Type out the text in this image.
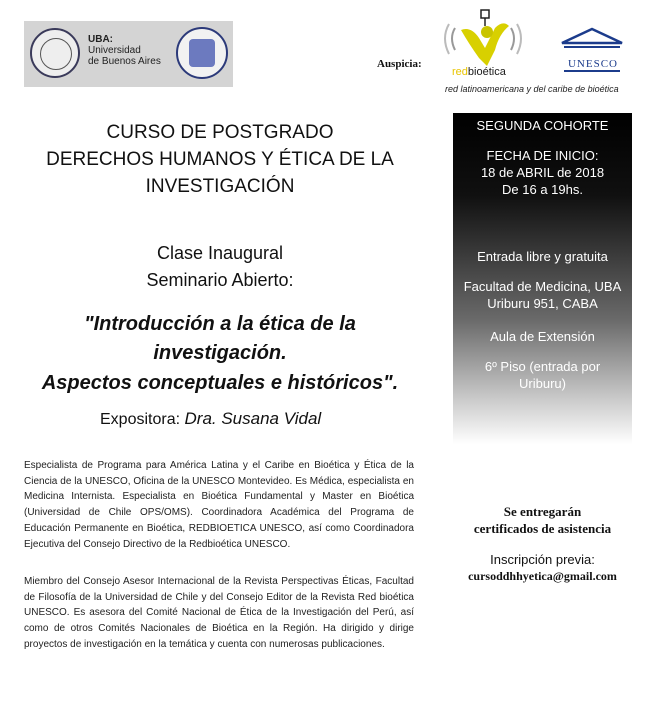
UBA:
Universidad
de Buenos Aires	Auspicia:
redbioética
red latinoamericana y del caribe de bioética
UNESCO
CURSO DE POSTGRADO
DERECHOS HUMANOS Y ÉTICA DE LA
INVESTIGACIÓN
Clase Inaugural
Seminario Abierto:
"Introducción a la ética de la
investigación.
Aspectos conceptuales e históricos".
Expositora: Dra. Susana Vidal
Especialista de Programa para América Latina y el Caribe en Bioética y Ética de la Ciencia de la UNESCO, Oficina de la UNESCO Montevideo. Es Médica, especialista en Medicina Internista. Especialista en Bioética Fundamental y Master en Bioética (Universidad de Chile OPS/OMS). Coordinadora Académica del Programa de Educación Permanente en Bioética, REDBIOETICA UNESCO, así como Coordinadora Ejecutiva del Consejo Directivo de la Redbioética UNESCO.
Miembro del Consejo Asesor Internacional de la Revista Perspectivas Éticas, Facultad de Filosofía de la Universidad de Chile y del Consejo Editor de la Revista Red bioética UNESCO. Es asesora del Comité Nacional de Ética de la Investigación del Perú, así como de otros Comités Nacionales de Bioética en la Región. Ha dirigido y dirige proyectos de investigación en la temática y cuenta con numerosas publicaciones.
SEGUNDA COHORTE
FECHA DE INICIO:
18 de ABRIL de 2018
De 16 a 19hs.
Entrada libre y gratuita
Facultad de Medicina, UBA
Uriburu 951, CABA
Aula de Extensión
6º Piso (entrada por
Uriburu)
Se entregarán
certificados de asistencia
Inscripción previa:
cursoddhhyetica@gmail.com
